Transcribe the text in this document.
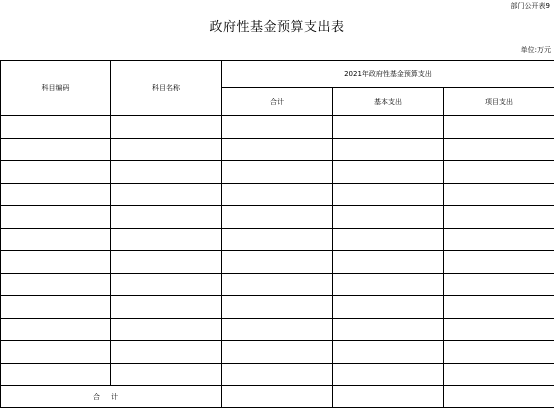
部门公开表9
政府性基金预算支出表
单位:万元
科目编码	科目名称	2021年政府性基金预算支出		
		合计	基本支出	项目支出

合计				
